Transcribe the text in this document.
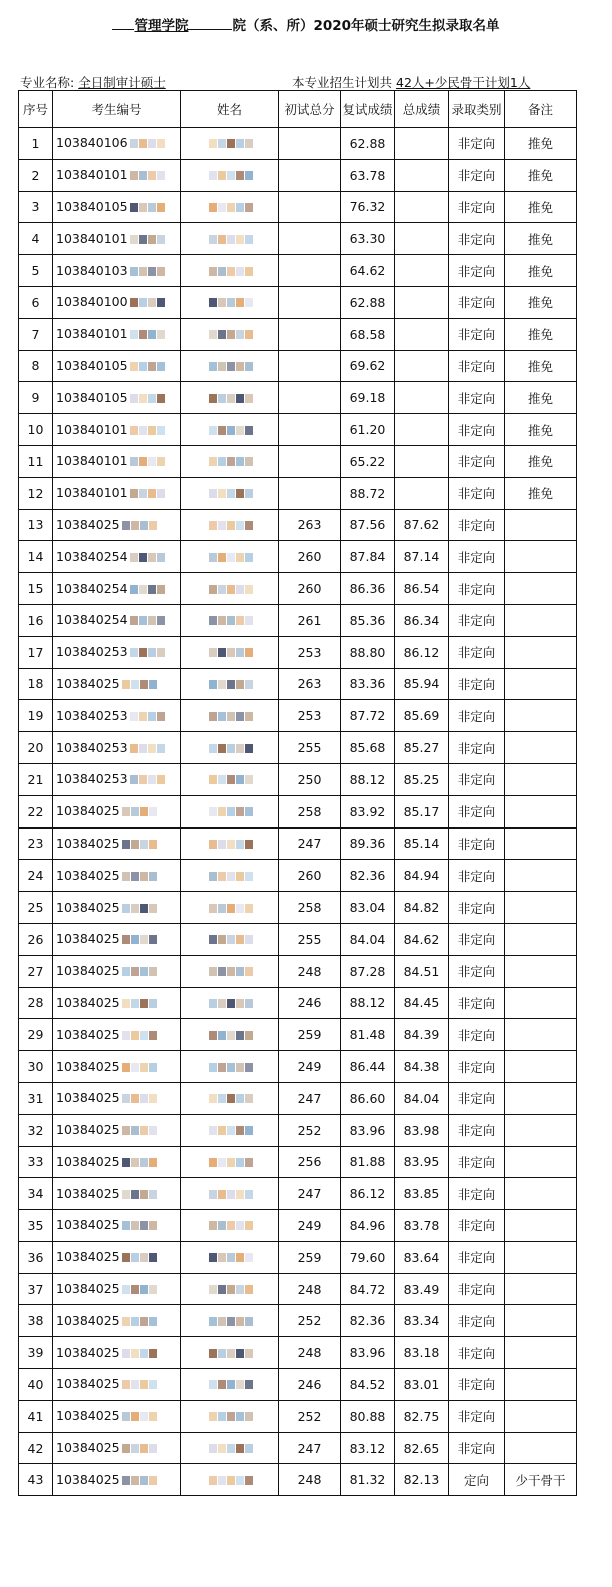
管理学院	院（系、所）2020年硕士研究生拟录取名单
专业名称: 全日制审计硕士	本专业招生计划共 42人+少民骨干计划1人
序号	考生编号	姓名	初试总分	复试成绩	总成绩	录取类别	备注
1	103840106			62.88		非定向	推免
2	103840101			63.78		非定向	推免
3	103840105			76.32		非定向	推免
4	103840101			63.30		非定向	推免
5	103840103			64.62		非定向	推免
6	103840100			62.88		非定向	推免
7	103840101			68.58		非定向	推免
8	103840105			69.62		非定向	推免
9	103840105			69.18		非定向	推免
10	103840101			61.20		非定向	推免
11	103840101			65.22		非定向	推免
12	103840101			88.72		非定向	推免
13	10384025		263	87.56	87.62	非定向	
14	103840254		260	87.84	87.14	非定向	
15	103840254		260	86.36	86.54	非定向	
16	103840254		261	85.36	86.34	非定向	
17	103840253		253	88.80	86.12	非定向	
18	10384025		263	83.36	85.94	非定向	
19	103840253		253	87.72	85.69	非定向	
20	103840253		255	85.68	85.27	非定向	
21	103840253		250	88.12	85.25	非定向	
22	10384025		258	83.92	85.17	非定向	
23	10384025		247	89.36	85.14	非定向	
24	10384025		260	82.36	84.94	非定向	
25	10384025		258	83.04	84.82	非定向	
26	10384025		255	84.04	84.62	非定向	
27	10384025		248	87.28	84.51	非定向	
28	10384025		246	88.12	84.45	非定向	
29	10384025		259	81.48	84.39	非定向	
30	10384025		249	86.44	84.38	非定向	
31	10384025		247	86.60	84.04	非定向	
32	10384025		252	83.96	83.98	非定向	
33	10384025		256	81.88	83.95	非定向	
34	10384025		247	86.12	83.85	非定向	
35	10384025		249	84.96	83.78	非定向	
36	10384025		259	79.60	83.64	非定向	
37	10384025		248	84.72	83.49	非定向	
38	10384025		252	82.36	83.34	非定向	
39	10384025		248	83.96	83.18	非定向	
40	10384025		246	84.52	83.01	非定向	
41	10384025		252	80.88	82.75	非定向	
42	10384025		247	83.12	82.65	非定向	
43	10384025		248	81.32	82.13	定向	少干骨干
